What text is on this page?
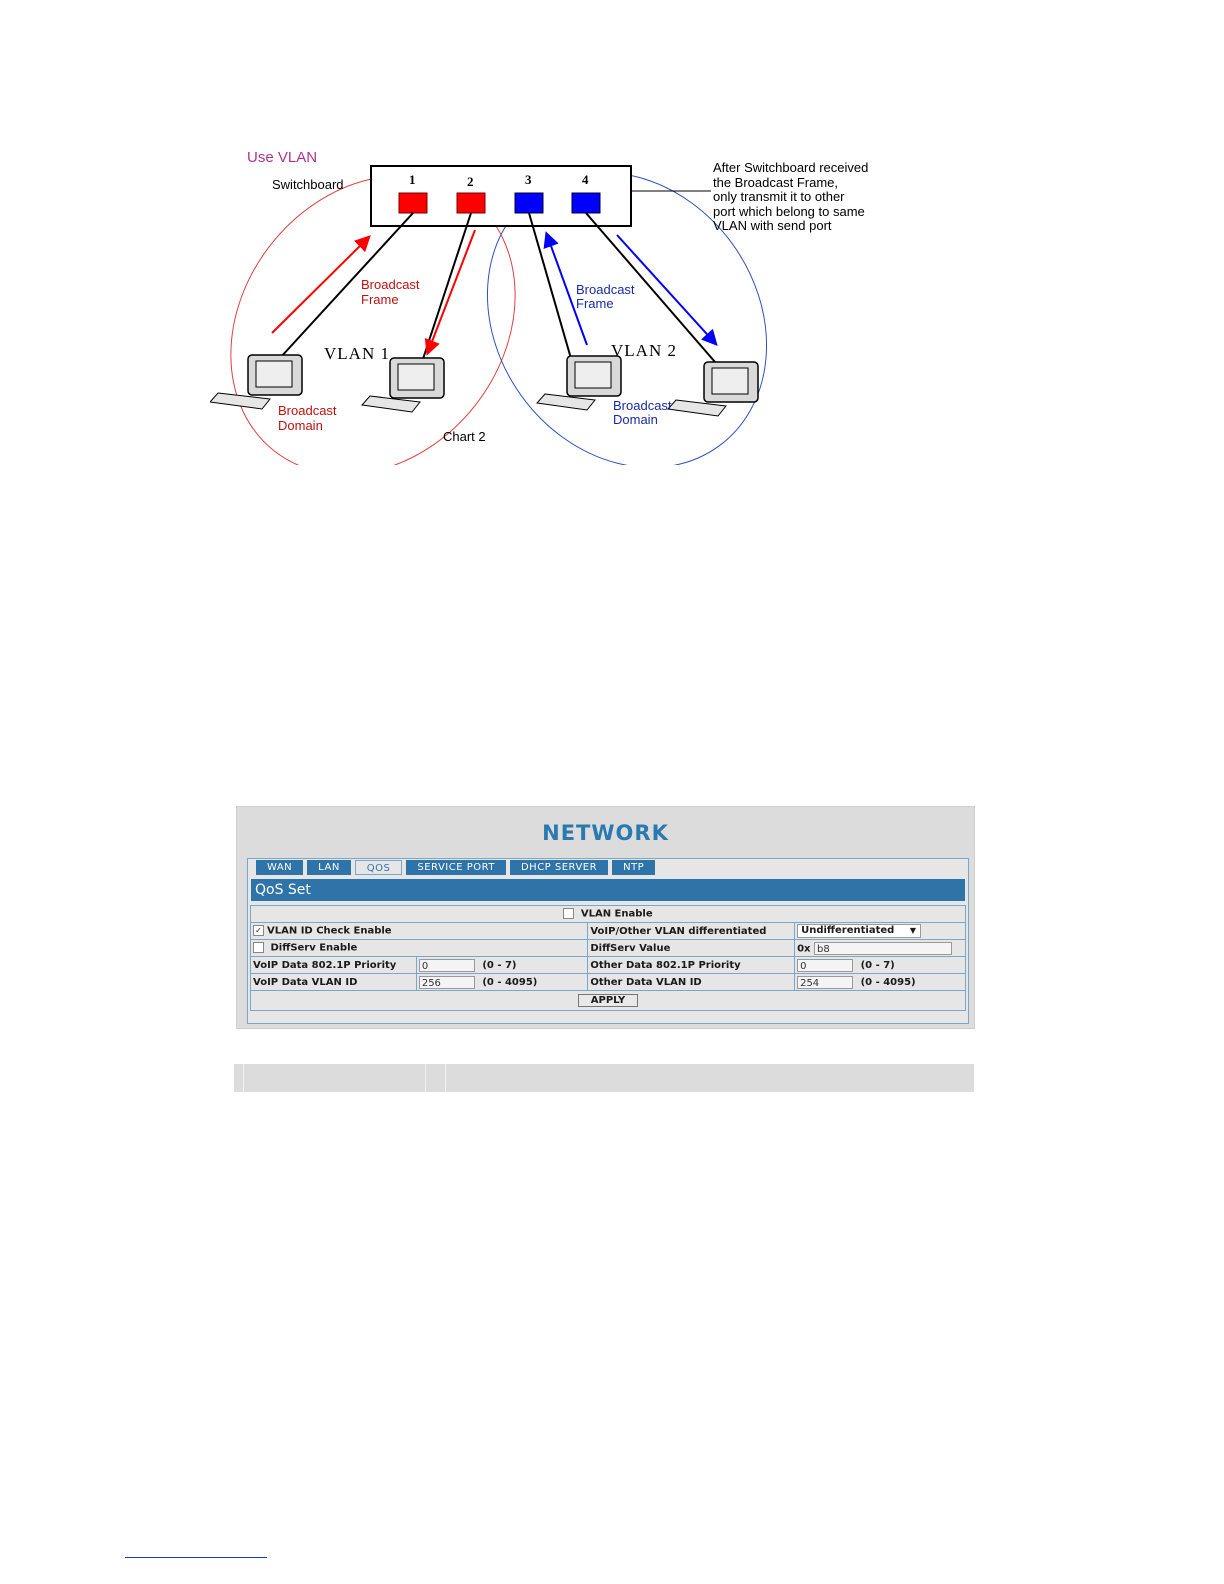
1	2	3	4
Use VLAN
Switchboard
After Switchboard received
the Broadcast Frame,
only transmit it to other
port which belong to same
VLAN with send port
Broadcast
Frame
Broadcast
Frame
VLAN 1	VLAN 2
Broadcast
Domain
Broadcast
Domain
Chart 2
NETWORK
WAN	LAN	QOS	SERVICE PORT	DHCP SERVER	NTP
QoS Set
VLAN Enable			
✓ VLAN ID Check Enable		VoIP/Other VLAN differentiated	Undifferentiated ▼

DiffServ Enable		DiffServ Value	0x b8
VoIP Data 802.1P Priority	0 (0 - 7)	Other Data 802.1P Priority	0 (0 - 7)
VoIP Data VLAN ID	256 (0 - 4095)	Other Data VLAN ID	254 (0 - 4095)
APPLY			
